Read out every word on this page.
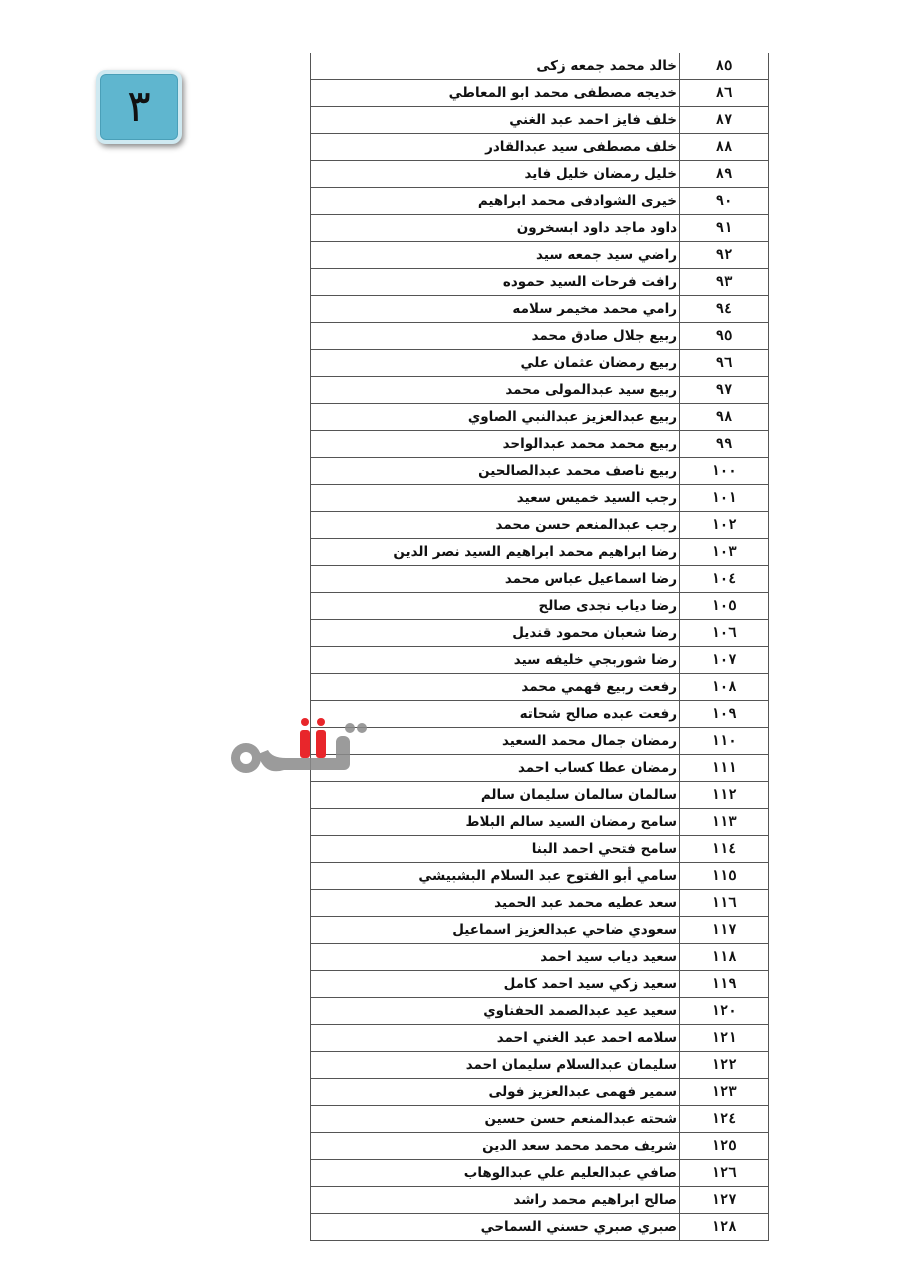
٣
٨٥	خالد محمد جمعه زكى
٨٦	خديجه مصطفى محمد ابو المعاطي
٨٧	خلف فايز احمد عبد الغني
٨٨	خلف مصطفى سيد عبدالقادر
٨٩	خليل رمضان خليل فايد
٩٠	خيرى الشوادفى محمد ابراهيم
٩١	داود ماجد داود ابسخرون
٩٢	راضي سيد جمعه سيد
٩٣	رافت فرحات السيد حموده
٩٤	رامي محمد مخيمر سلامه
٩٥	ربيع جلال صادق محمد
٩٦	ربيع رمضان عثمان علي
٩٧	ربيع سيد عبدالمولى محمد
٩٨	ربيع عبدالعزيز عبدالنبي الصاوي
٩٩	ربيع محمد محمد عبدالواحد
١٠٠	ربيع ناصف محمد عبدالصالحين
١٠١	رجب السيد خميس سعيد
١٠٢	رجب عبدالمنعم حسن محمد
١٠٣	رضا ابراهيم محمد ابراهيم السيد نصر الدين
١٠٤	رضا اسماعيل عباس محمد
١٠٥	رضا دياب نجدى صالح
١٠٦	رضا شعبان محمود قنديل
١٠٧	رضا شوربجي خليفه سيد
١٠٨	رفعت ربيع فهمي محمد
١٠٩	رفعت عبده صالح شحاته
١١٠	رمضان جمال محمد السعيد
١١١	رمضان عطا كساب احمد
١١٢	سالمان سالمان سليمان سالم
١١٣	سامح رمضان السيد سالم البلاط
١١٤	سامح فتحي احمد البنا
١١٥	سامي أبو الفتوح عبد السلام البشبيشي
١١٦	سعد عطيه محمد عبد الحميد
١١٧	سعودي ضاحي عبدالعزيز اسماعيل
١١٨	سعيد دياب سيد احمد
١١٩	سعيد زكي سيد احمد كامل
١٢٠	سعيد عيد عبدالصمد الحفناوي
١٢١	سلامه احمد عبد الغني احمد
١٢٢	سليمان عبدالسلام سليمان احمد
١٢٣	سمير فهمى عبدالعزيز فولى
١٢٤	شحته عبدالمنعم حسن حسين
١٢٥	شريف محمد محمد سعد الدين
١٢٦	صافي عبدالعليم علي عبدالوهاب
١٢٧	صالح ابراهيم محمد راشد
١٢٨	صبري صبري حسني السماحي
